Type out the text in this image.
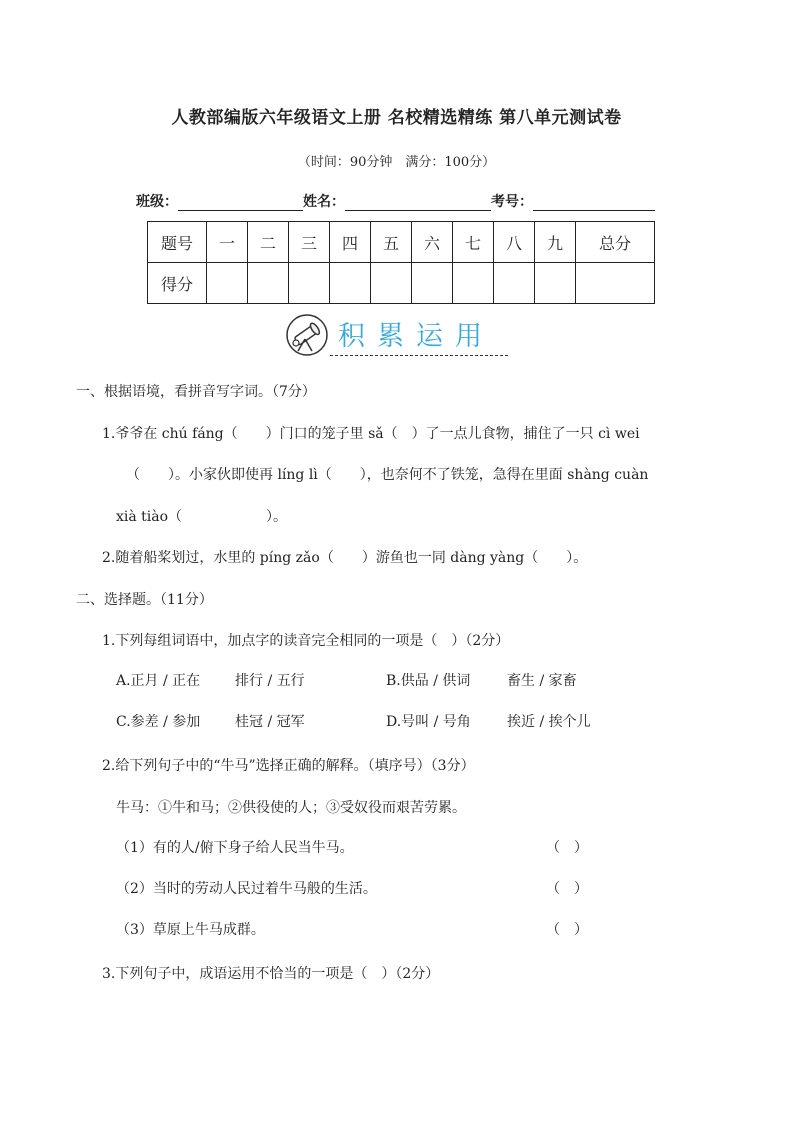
人教部编版六年级语文上册 名校精选精练 第八单元测试卷
（时间：90分钟　满分：100分）
班级：	姓名：	考号：
题号	一	二	三	四	五	六	七	八	九	总分
得分										
积累运用
一、根据语境，看拼音写字词。（7分）
1.爷爷在 chú fáng（　　）门口的笼子里 sǎ（　）了一点儿食物，捕住了一只 cì wei
（　　）。小家伙即使再 líng lì（　　），也奈何不了铁笼，急得在里面 shàng cuàn
xià tiào（　　　　　　）。
2.随着船桨划过，水里的 píng zǎo（　　）游鱼也一同 dàng yàng（　　）。
二、选择题。（11分）
1.下列每组词语中，加点字的读音完全相同的一项是（　）（2分）
A.正月 / 正在 排行 / 五行	B.供品 / 供词	畜生 / 家畜
C.参差 / 参加 桂冠 / 冠军	D.号叫 / 号角	挨近 / 挨个儿
2.给下列句子中的“牛马”选择正确的解释。（填序号）（3分）
牛马：①牛和马；②供役使的人；③受奴役而艰苦劳累。
（1）有的人/俯下身子给人民当牛马。	（　）
（2）当时的劳动人民过着牛马般的生活。	（　）
（3）草原上牛马成群。	（　）
3.下列句子中，成语运用不恰当的一项是（　）（2分）
